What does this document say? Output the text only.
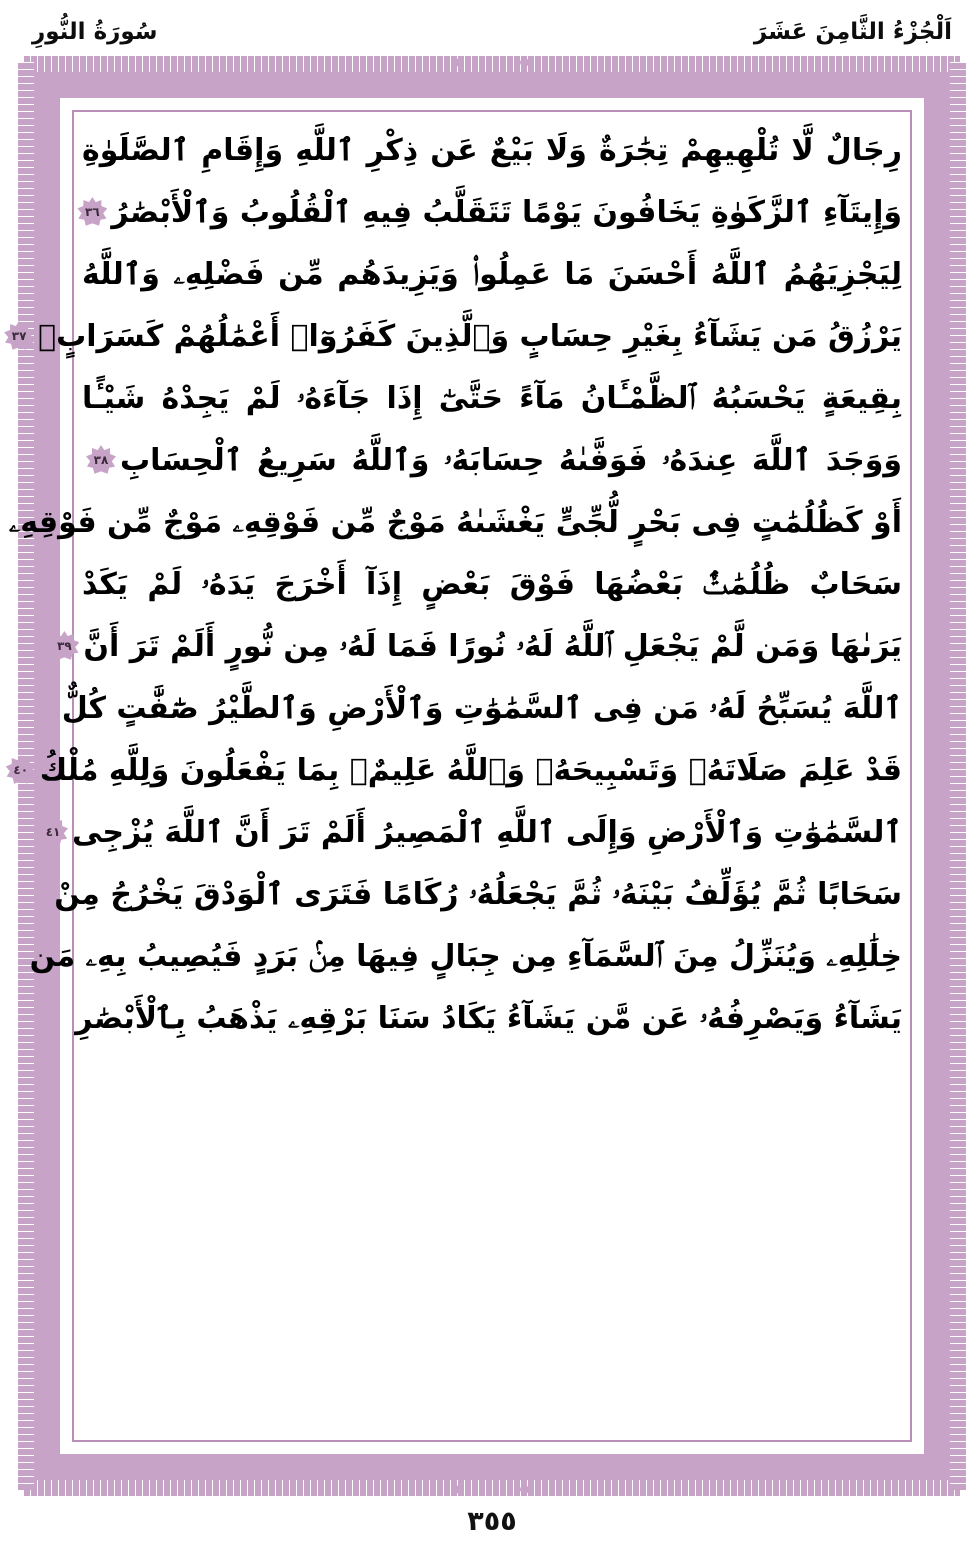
اَلْجُزْءُ الثَّامِنَ عَشَرَ
سُورَةُ النُّورِ
رِجَالٌ لَّا تُلْهِيهِمْ تِجَٰرَةٌ وَلَا بَيْعٌ عَن ذِكْرِ ٱللَّهِ وَإِقَامِ ٱلصَّلَوٰةِ
وَإِيتَآءِ ٱلزَّكَوٰةِ يَخَافُونَ يَوْمًا تَتَقَلَّبُ فِيهِ ٱلْقُلُوبُ وَٱلْأَبْصَٰرُ
٣٦
لِيَجْزِيَهُمُ ٱللَّهُ أَحْسَنَ مَا عَمِلُوا۟ وَيَزِيدَهُم مِّن فَضْلِهِۦ وَٱللَّهُ
يَرْزُقُ مَن يَشَآءُ بِغَيْرِ حِسَابٍ وَٱلَّذِينَ كَفَرُوٓا۟ أَعْمَٰلُهُمْ كَسَرَابٍۭ
٣٧
بِقِيعَةٍ يَحْسَبُهُ ٱلظَّمْـَٔانُ مَآءً حَتَّىٰٓ إِذَا جَآءَهُۥ لَمْ يَجِدْهُ شَيْـًٔا
وَوَجَدَ ٱللَّهَ عِندَهُۥ فَوَفَّىٰهُ حِسَابَهُۥ وَٱللَّهُ سَرِيعُ ٱلْحِسَابِ
٣٨
أَوْ كَظُلُمَٰتٍ فِى بَحْرٍ لُّجِّىٍّ يَغْشَىٰهُ مَوْجٌ مِّن فَوْقِهِۦ مَوْجٌ مِّن فَوْقِهِۦ
سَحَابٌ ظُلُمَٰتٌۢ بَعْضُهَا فَوْقَ بَعْضٍ إِذَآ أَخْرَجَ يَدَهُۥ لَمْ يَكَدْ
يَرَىٰهَا وَمَن لَّمْ يَجْعَلِ ٱللَّهُ لَهُۥ نُورًا فَمَا لَهُۥ مِن نُّورٍ أَلَمْ تَرَ أَنَّ
٣٩
ٱللَّهَ يُسَبِّحُ لَهُۥ مَن فِى ٱلسَّمَٰوَٰتِ وَٱلْأَرْضِ وَٱلطَّيْرُ صَٰٓفَّٰتٍ كُلٌّ
قَدْ عَلِمَ صَلَاتَهُۥ وَتَسْبِيحَهُۥ وَٱللَّهُ عَلِيمٌۢ بِمَا يَفْعَلُونَ وَلِلَّهِ مُلْكُ
٤٠
ٱلسَّمَٰوَٰتِ وَٱلْأَرْضِ وَإِلَى ٱللَّهِ ٱلْمَصِيرُ أَلَمْ تَرَ أَنَّ ٱللَّهَ يُزْجِى
٤١
سَحَابًا ثُمَّ يُؤَلِّفُ بَيْنَهُۥ ثُمَّ يَجْعَلُهُۥ رُكَامًا فَتَرَى ٱلْوَدْقَ يَخْرُجُ مِنْ
خِلَٰلِهِۦ وَيُنَزِّلُ مِنَ ٱلسَّمَآءِ مِن جِبَالٍ فِيهَا مِنۢ بَرَدٍ فَيُصِيبُ بِهِۦ مَن
يَشَآءُ وَيَصْرِفُهُۥ عَن مَّن يَشَآءُ يَكَادُ سَنَا بَرْقِهِۦ يَذْهَبُ بِٱلْأَبْصَٰرِ
٣٥٥
